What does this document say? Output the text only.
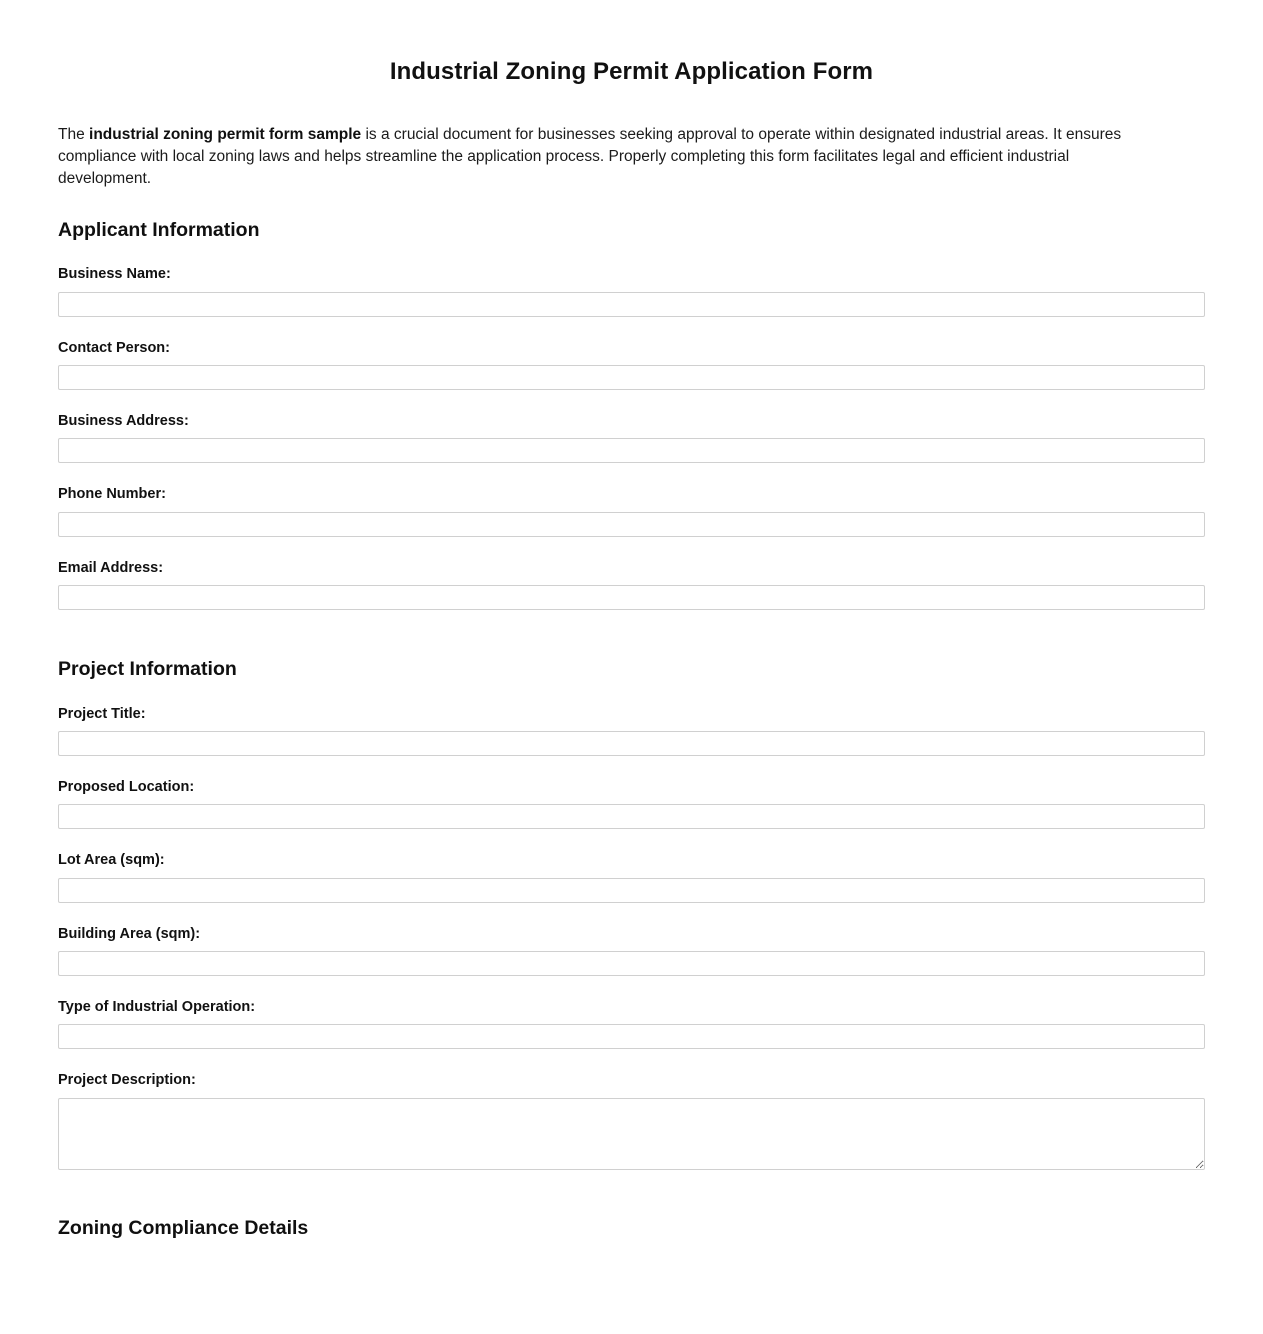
Industrial Zoning Permit Application Form

The industrial zoning permit form sample is a crucial document for businesses seeking approval to operate within designated industrial areas. It ensures compliance with local zoning laws and helps streamline the application process. Properly completing this form facilitates legal and efficient industrial development.

Applicant Information
Business Name:
Contact Person:
Business Address:
Phone Number:
Email Address:
Project Information
Project Title:
Proposed Location:
Lot Area (sqm):
Building Area (sqm):
Type of Industrial Operation:
Project Description:
Zoning Compliance Details
